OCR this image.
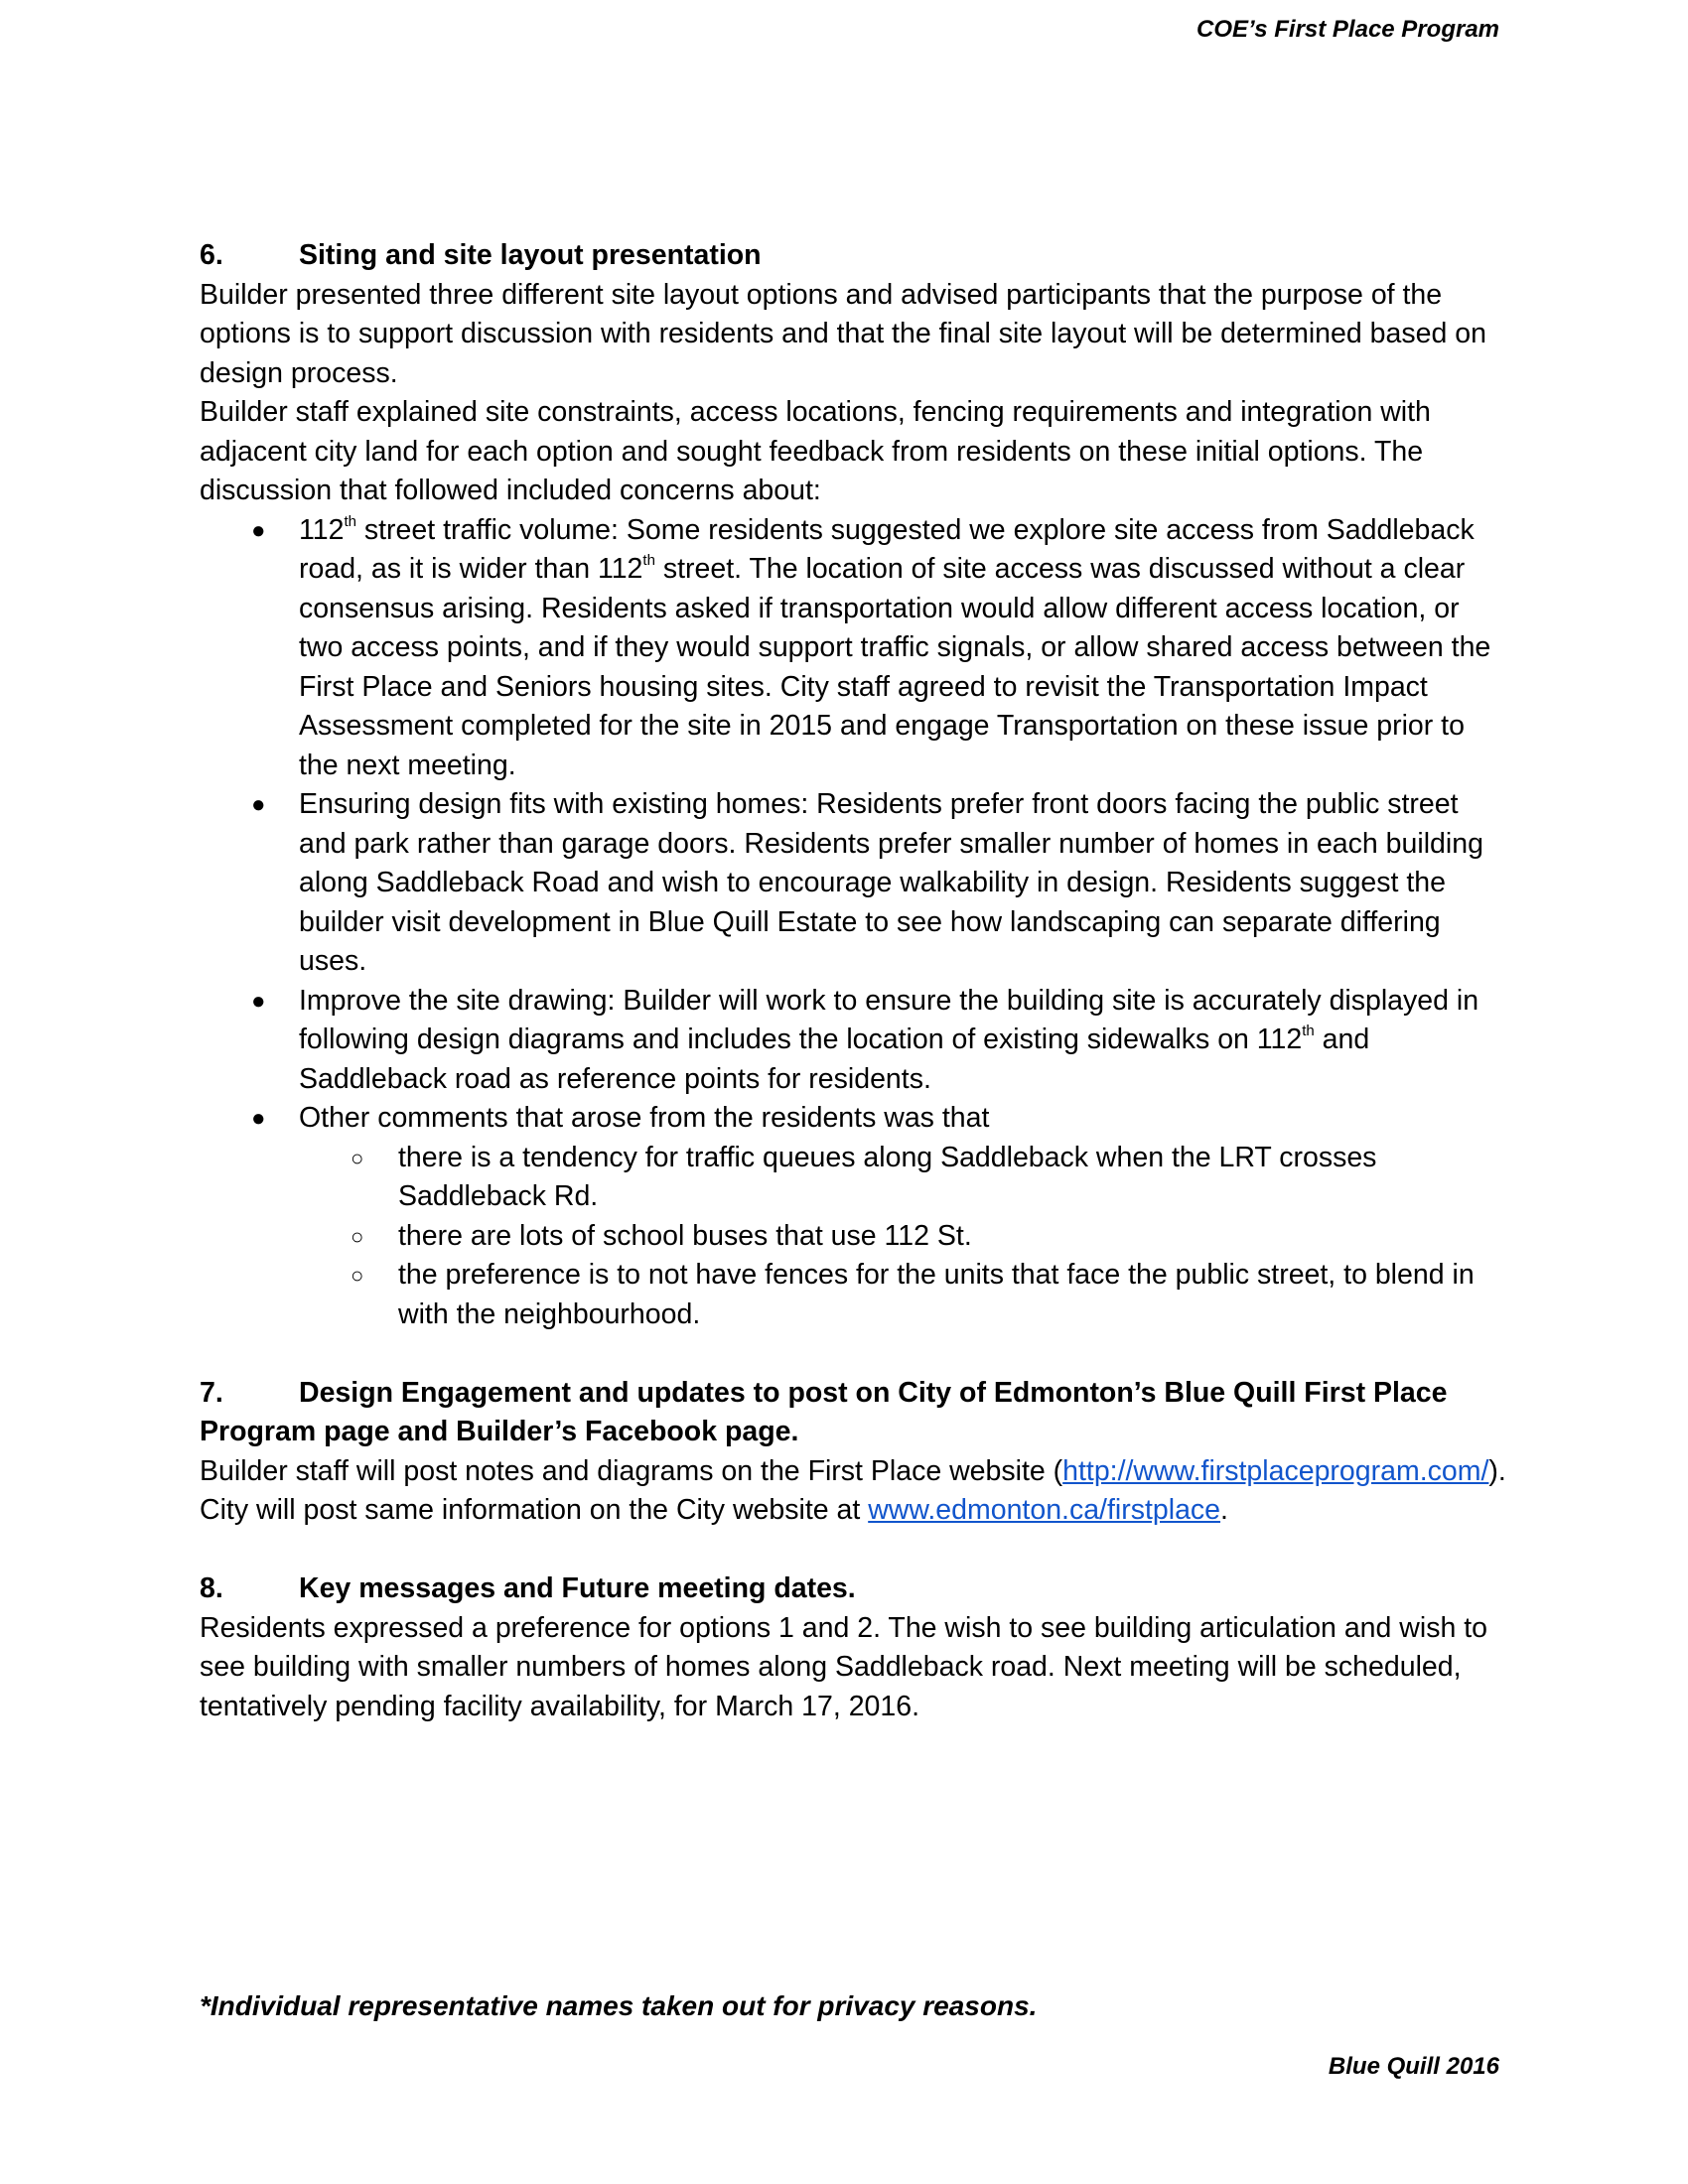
COE’s First Place Program

6.	Siting and site layout presentation

Builder presented three different site layout options and advised participants that the purpose of the options is to support discussion with residents and that the final site layout will be determined based on design process.

Builder staff explained site constraints, access locations, fencing requirements and integration with adjacent city land for each option and sought feedback from residents on these initial options. The discussion that followed included concerns about:

● 112th street traffic volume: Some residents suggested we explore site access from Saddleback road, as it is wider than 112th street. The location of site access was discussed without a clear consensus arising. Residents asked if transportation would allow different access location, or two access points, and if they would support traffic signals, or allow shared access between the First Place and Seniors housing sites. City staff agreed to revisit the Transportation Impact Assessment completed for the site in 2015 and engage Transportation on these issue prior to the next meeting.
● Ensuring design fits with existing homes: Residents prefer front doors facing the public street and park rather than garage doors. Residents prefer smaller number of homes in each building along Saddleback Road and wish to encourage walkability in design. Residents suggest the builder visit development in Blue Quill Estate to see how landscaping can separate differing uses.
● Improve the site drawing: Builder will work to ensure the building site is accurately displayed in following design diagrams and includes the location of existing sidewalks on 112th and Saddleback road as reference points for residents.
● Other comments that arose from the residents was that
○ there is a tendency for traffic queues along Saddleback when the LRT crosses Saddleback Rd.
○ there are lots of school buses that use 112 St.
○ the preference is to not have fences for the units that face the public street, to blend in with the neighbourhood.

7.	Design Engagement and updates to post on City of Edmonton’s Blue Quill First Place Program page and Builder’s Facebook page.

Builder staff will post notes and diagrams on the First Place website (http://www.firstplaceprogram.com/). City will post same information on the City website at www.edmonton.ca/firstplace.

8.	Key messages and Future meeting dates.

Residents expressed a preference for options 1 and 2. The wish to see building articulation and wish to see building with smaller numbers of homes along Saddleback road. Next meeting will be scheduled, tentatively pending facility availability, for March 17, 2016.

*Individual representative names taken out for privacy reasons.
Blue Quill 2016
